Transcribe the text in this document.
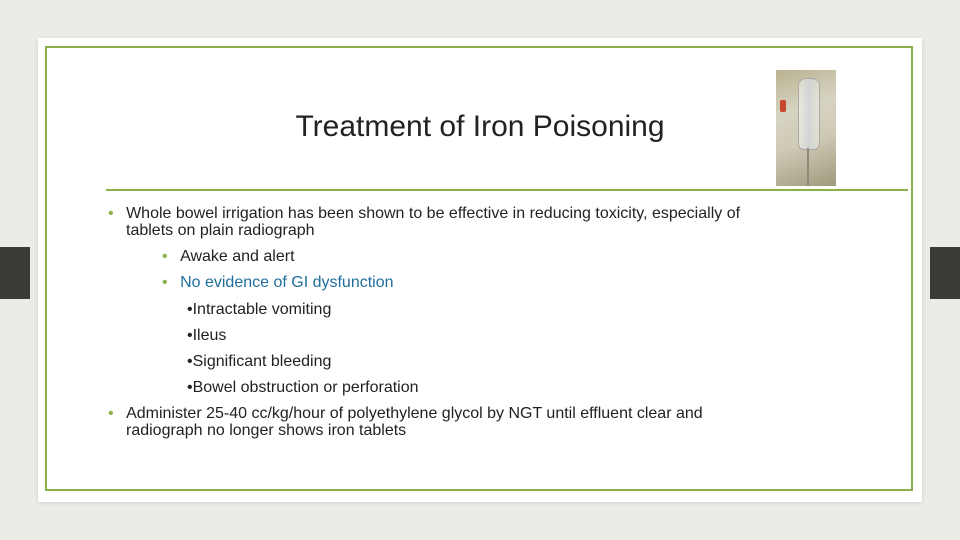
Treatment of Iron Poisoning
• Whole bowel irrigation has been shown to be effective in reducing toxicity, especially of
tablets on plain radiograph
• Awake and alert
• No evidence of GI dysfunction
•Intractable vomiting
•Ileus
•Significant bleeding
•Bowel obstruction or perforation
• Administer 25-40 cc/kg/hour of polyethylene glycol by NGT until effluent clear and
radiograph no longer shows iron tablets
